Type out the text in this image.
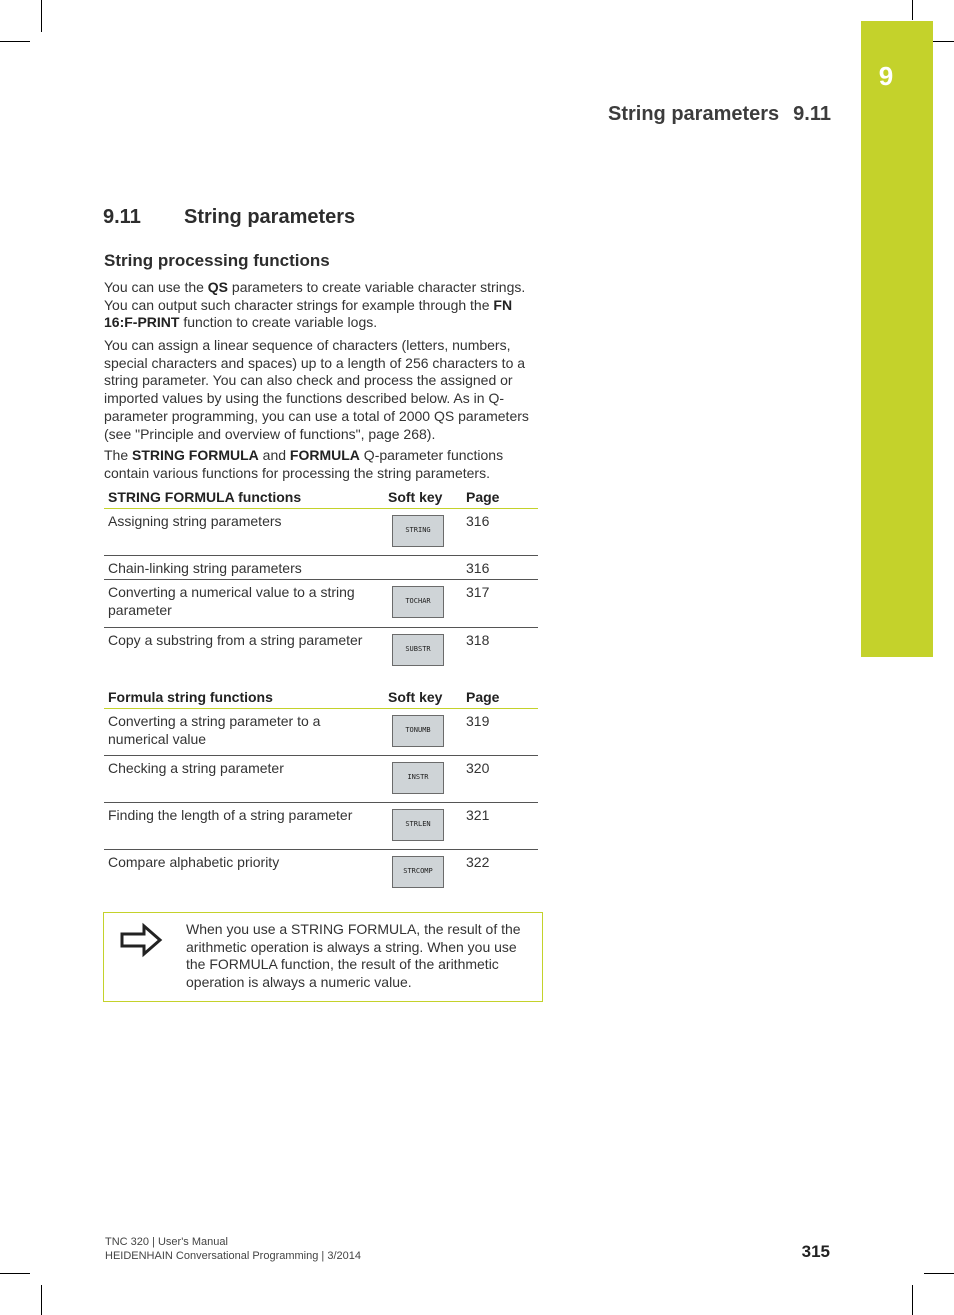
9
String parameters 9.11
9.11 String parameters
String processing functions

You can use the QS parameters to create variable character strings. You can output such character strings for example through the FN 16:F-PRINT function to create variable logs.

You can assign a linear sequence of characters (letters, numbers, special characters and spaces) up to a length of 256 characters to a string parameter. You can also check and process the assigned or imported values by using the functions described below. As in Q-parameter programming, you can use a total of 2000 QS parameters (see "Principle and overview of functions", page 268).

The STRING FORMULA and FORMULA Q-parameter functions contain various functions for processing the string parameters.

STRING FORMULA functions	Soft key	Page
Assigning string parameters	STRING	316
Chain-linking string parameters		316
Converting a numerical value to a string parameter	TOCHAR	317
Copy a substring from a string parameter	SUBSTR	318
Formula string functions	Soft key	Page
Converting a string parameter to a numerical value	TONUMB	319
Checking a string parameter	INSTR	320
Finding the length of a string parameter	STRLEN	321
Compare alphabetic priority	STRCOMP	322
When you use a STRING FORMULA, the result of the arithmetic operation is always a string. When you use the FORMULA function, the result of the arithmetic operation is always a numeric value.
TNC 320 | User's Manual
HEIDENHAIN Conversational Programming | 3/2014	315
